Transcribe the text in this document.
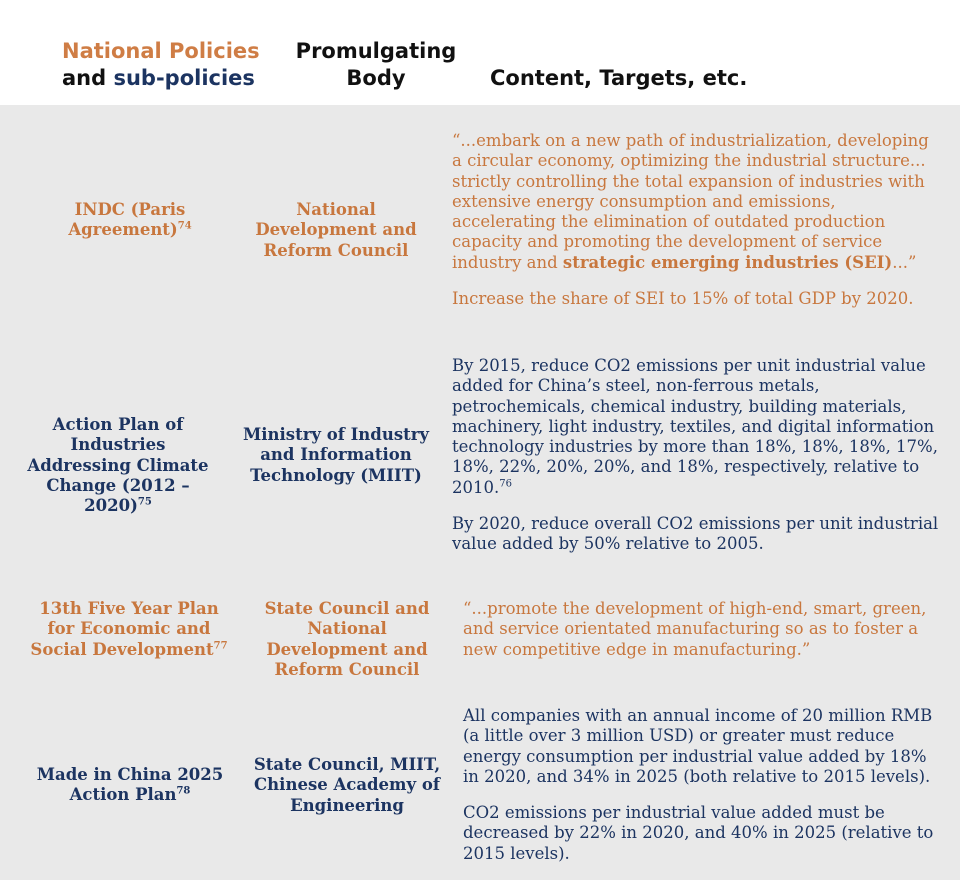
National Policies
and sub-policies
Promulgating Body	Content, Targets, etc.
INDC (Paris Agreement)$^{74}$
National Development and Reform Council

“...embark on a new path of industrialization, developing a circular economy, optimizing the industrial structure... strictly controlling the total expansion of industries with extensive energy consumption and emissions, accelerating the elimination of outdated production capacity and promoting the development of service industry and strategic emerging industries (SEI)...”

Increase the share of SEI to 15% of total GDP by 2020.

Action Plan of Industries Addressing Climate Change (2012 – 2020)$^{75}$
Ministry of Industry and Information Technology (MIIT)

By 2015, reduce CO2 emissions per unit industrial value added for China’s steel, non-ferrous metals, petrochemicals, chemical industry, building materials, machinery, light industry, textiles, and digital information technology industries by more than 18%, 18%, 18%, 17%, 18%, 22%, 20%, 20%, and 18%, respectively, relative to 2010.76

By 2020, reduce overall CO2 emissions per unit industrial value added by 50% relative to 2005.

13th Five Year Plan for Economic and Social Development$^{77}$
State Council and National Development and Reform Council

“...promote the development of high-end, smart, green, and service orientated manufacturing so as to foster a new competitive edge in manufacturing.”

Made in China 2025 Action Plan$^{78}$
State Council, MIIT, Chinese Academy of Engineering

All companies with an annual income of 20 million RMB (a little over 3 million USD) or greater must reduce energy consumption per industrial value added by 18% in 2020, and 34% in 2025 (both relative to 2015 levels).

CO2 emissions per industrial value added must be decreased by 22% in 2020, and 40% in 2025 (relative to 2015 levels).
